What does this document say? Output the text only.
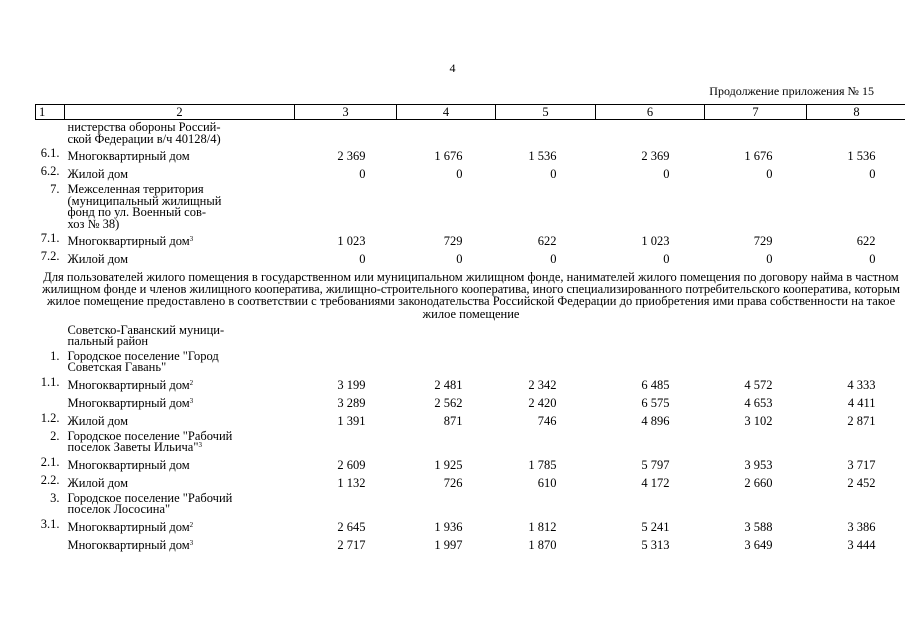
4
Продолжение приложения № 15
1	2	3	4	5	6	7	8
	нистерства обороны Россий-
ской Федерации в/ч 40128/4)						
6.1.	Многоквартирный дом	2 369	1 676	1 536	2 369	1 676	1 536
6.2.	Жилой дом	0	0	0	0	0	0
7.	Межселенная территория
(муниципальный жилищный
фонд по ул. Военный сов-
хоз № 38)						
7.1.	Многоквартирный дом$^3$	1 023	729	622	1 023	729	622
7.2.	Жилой дом	0	0	0	0	0	0
Для пользователей жилого помещения в государственном или муниципальном жилищном фонде, нанимателей жилого помещения по договору найма в частном жилищном фонде и членов жилищного кооператива, жилищно-строительного кооператива, иного специализированного потребительского кооператива, которым жилое помещение предоставлено в соответствии с требованиями законодательства Российской Федерации до приобретения ими права собственности на такое жилое помещение							
	Советско-Гаванский муници-
пальный район						
1.	Городское поселение "Город
Советская Гавань"						
1.1.	Многоквартирный дом$^2$	3 199	2 481	2 342	6 485	4 572	4 333
	Многоквартирный дом$^3$	3 289	2 562	2 420	6 575	4 653	4 411
1.2.	Жилой дом	1 391	871	746	4 896	3 102	2 871
2.	Городское поселение "Рабочий
поселок Заветы Ильича"$^3$						
2.1.	Многоквартирный дом	2 609	1 925	1 785	5 797	3 953	3 717
2.2.	Жилой дом	1 132	726	610	4 172	2 660	2 452
3.	Городское поселение "Рабочий
поселок Лососина"						
3.1.	Многоквартирный дом$^2$	2 645	1 936	1 812	5 241	3 588	3 386
	Многоквартирный дом$^3$	2 717	1 997	1 870	5 313	3 649	3 444
